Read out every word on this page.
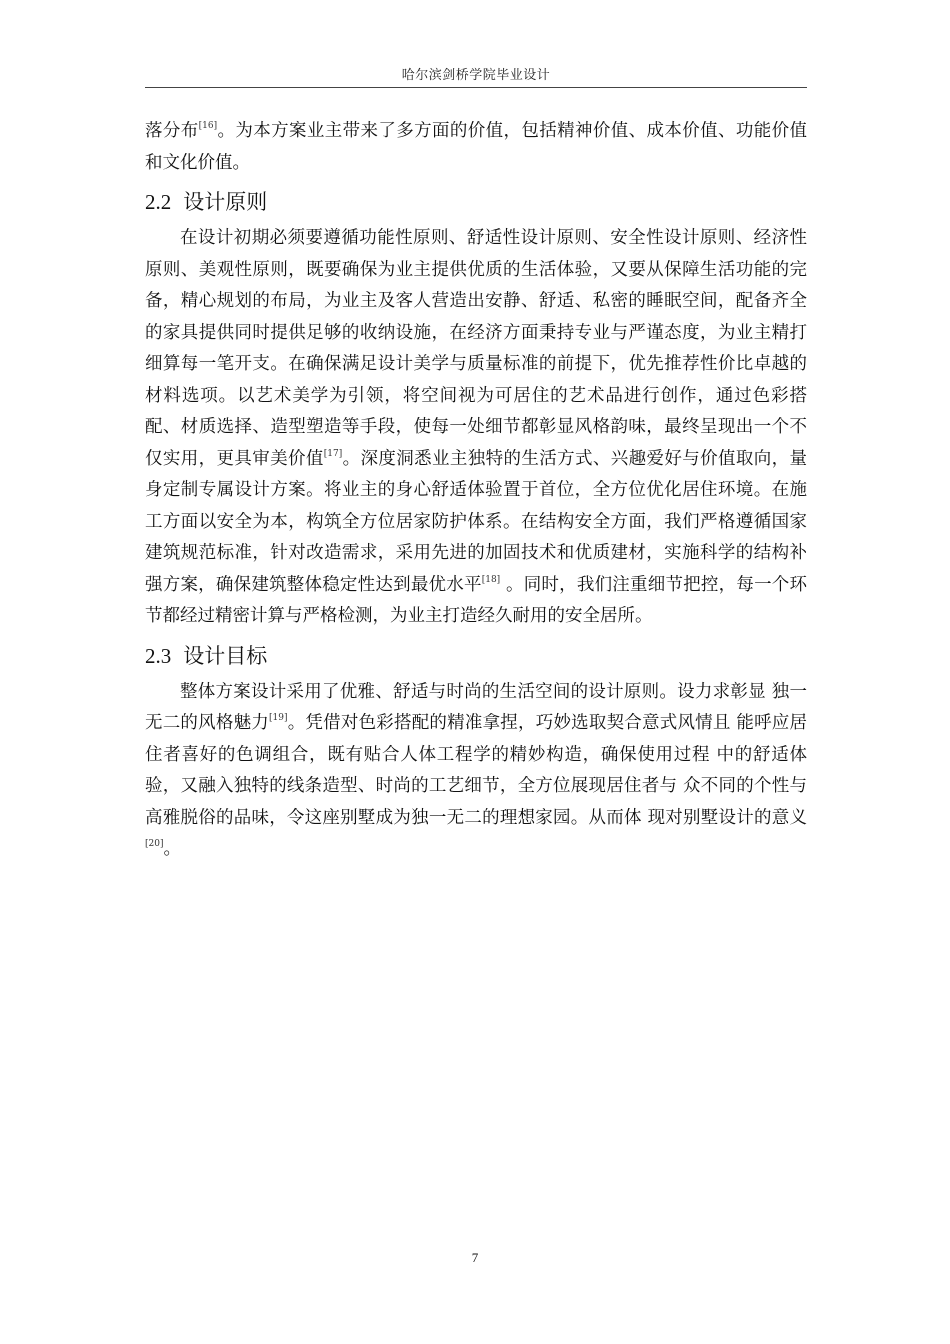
哈尔滨剑桥学院毕业设计

落分布[16]。为本方案业主带来了多方面的价值，包括精神价值、成本价值、功能价值和文化价值。

2.2 设计原则

在设计初期必须要遵循功能性原则、舒适性设计原则、安全性设计原则、经济性原则、美观性原则，既要确保为业主提供优质的生活体验，又要从保障生活功能的完备，精心规划的布局，为业主及客人营造出安静、舒适、私密的睡眠空间，配备齐全的家具提供同时提供足够的收纳设施，在经济方面秉持专业与严谨态度，为业主精打细算每一笔开支。在确保满足设计美学与质量标准的前提下，优先推荐性价比卓越的材料选项。以艺术美学为引领，将空间视为可居住的艺术品进行创作，通过色彩搭配、材质选择、造型塑造等手段，使每一处细节都彰显风格韵味，最终呈现出一个不仅实用，更具审美价值[17]。深度洞悉业主独特的生活方式、兴趣爱好与价值取向，量身定制专属设计方案。将业主的身心舒适体验置于首位，全方位优化居住环境。在施工方面以安全为本，构筑全方位居家防护体系。在结构安全方面，我们严格遵循国家建筑规范标准，针对改造需求，采用先进的加固技术和优质建材，实施科学的结构补强方案，确保建筑整体稳定性达到最优水平[18] 。同时，我们注重细节把控，每一个环节都经过精密计算与严格检测，为业主打造经久耐用的安全居所。

2.3 设计目标

整体方案设计采用了优雅、舒适与时尚的生活空间的设计原则。设力求彰显 独一无二的风格魅力[19]。凭借对色彩搭配的精准拿捏，巧妙选取契合意式风情且 能呼应居住者喜好的色调组合，既有贴合人体工程学的精妙构造，确保使用过程 中的舒适体验，又融入独特的线条造型、时尚的工艺细节，全方位展现居住者与 众不同的个性与高雅脱俗的品味，令这座别墅成为独一无二的理想家园。从而体 现对别墅设计的意义[20]。

7
